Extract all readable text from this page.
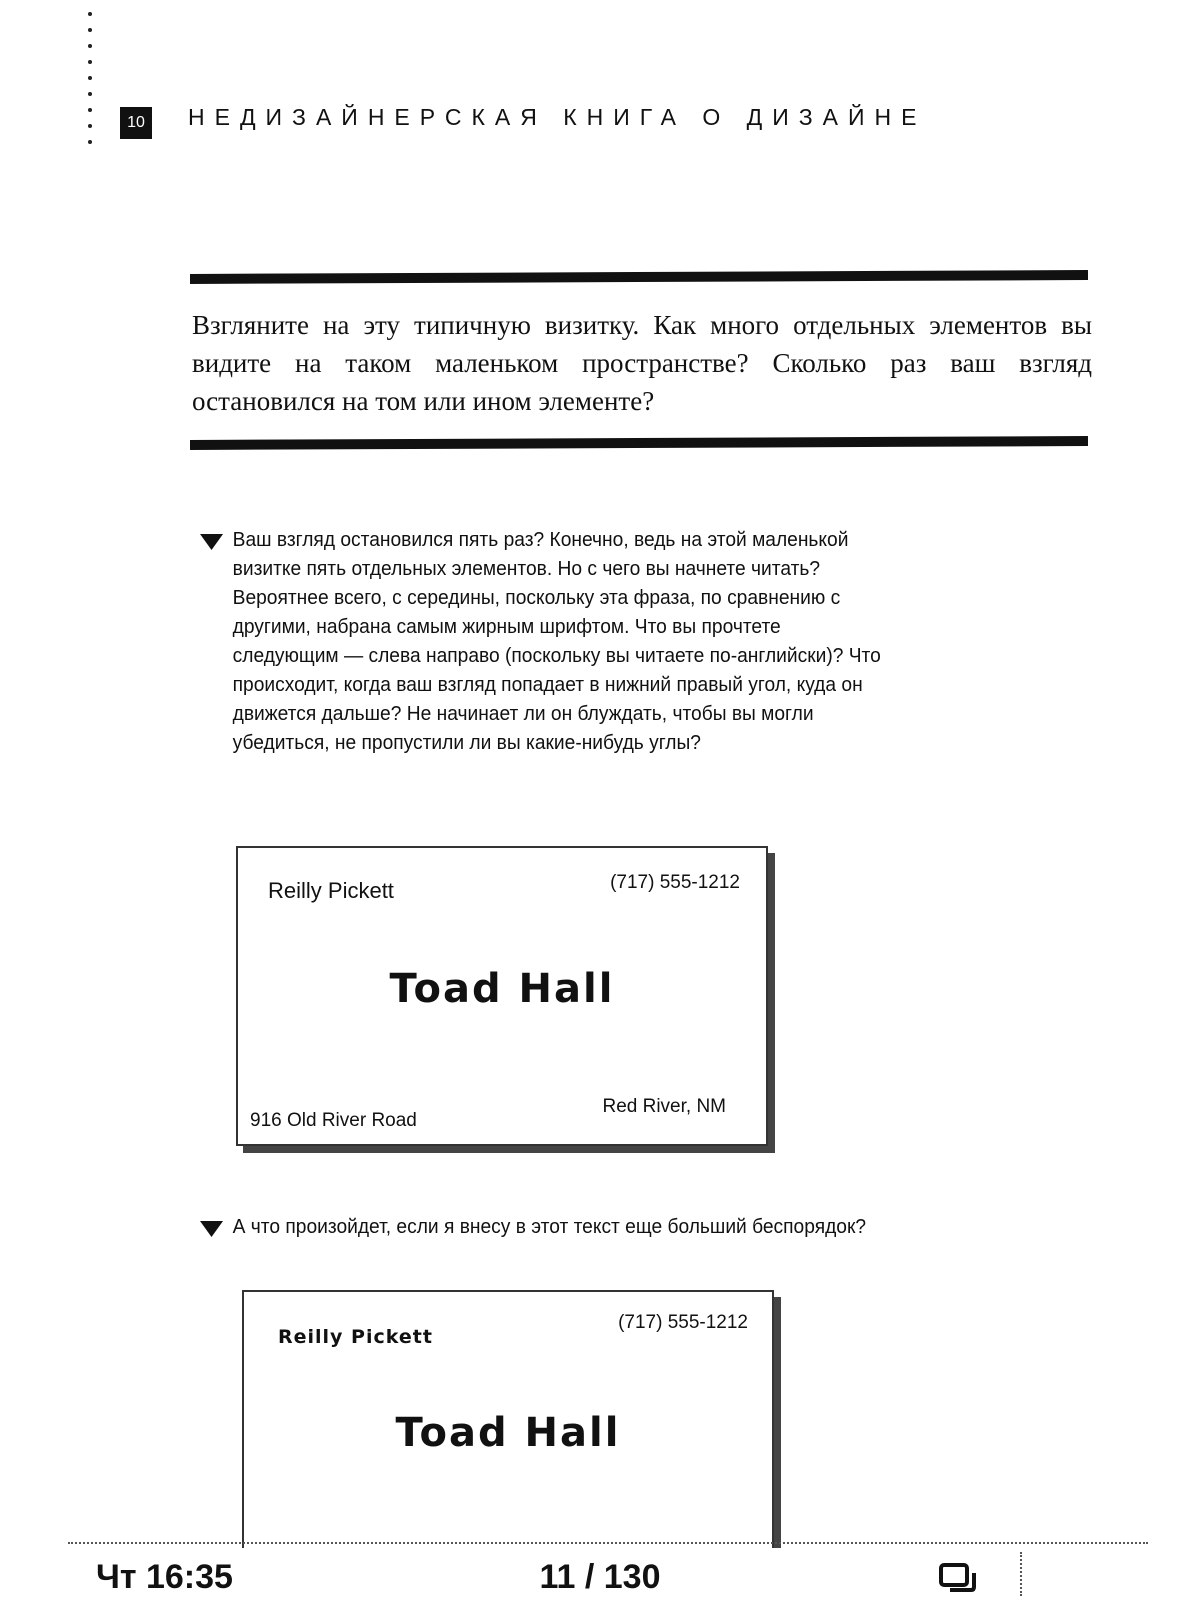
10	НЕДИЗАЙНЕРСКАЯ КНИГА О ДИЗАЙНЕ

Взгляните на эту типичную визитку. Как много отдельных элементов вы видите на таком маленьком пространстве? Сколько раз ваш взгляд остановился на том или ином элементе?

Ваш взгляд остановился пять раз? Конечно, ведь на этой маленькой визитке пять отдельных элементов. Но с чего вы начнете читать? Вероятнее всего, с середины, поскольку эта фраза, по сравнению с другими, набрана самым жирным шрифтом. Что вы прочтете следующим — слева направо (поскольку вы читаете по-английски)? Что происходит, когда ваш взгляд попадает в нижний правый угол, куда он движется дальше? Не начинает ли он блуждать, чтобы вы могли убедиться, не пропустили ли вы какие-нибудь углы?
Reilly Pickett	(717) 555-1212
Toad Hall
916 Old River Road
Red River, NM
А что произойдет, если я внесу в этот текст еще больший беспорядок?
Reilly Pickett
(717) 555-1212
Toad Hall
Чт 16:35	11 / 130
